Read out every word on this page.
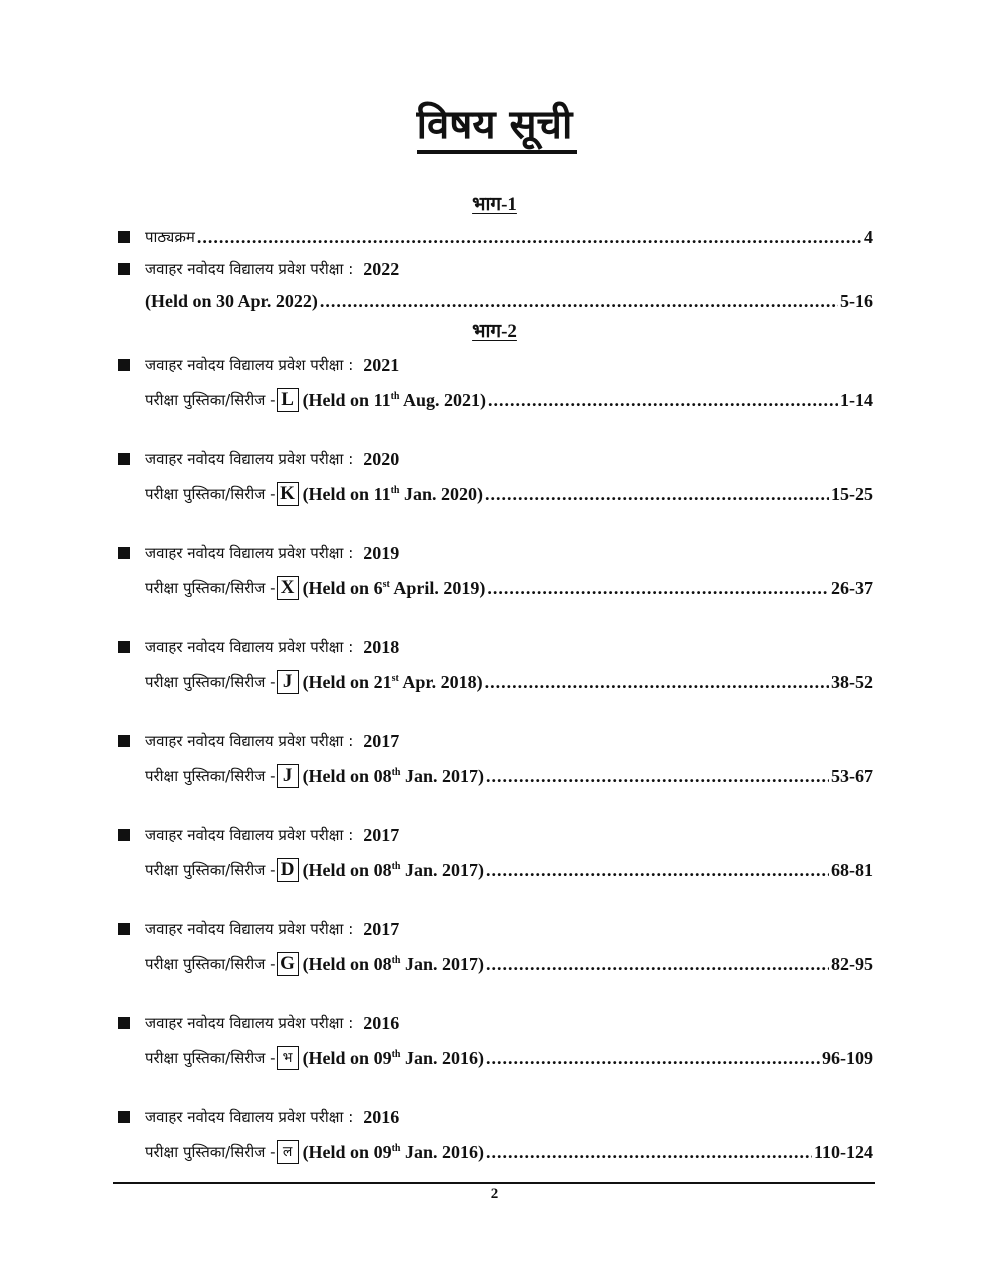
विषय सूची
भाग-1
पाठ्यक्रम .....	4
जवाहर नवोदय विद्यालय प्रवेश परीक्षा : 2022
(Held on 30 Apr. 2022) .....	5-16
भाग-2
जवाहर नवोदय विद्यालय प्रवेश परीक्षा : 2021
परीक्षा पुस्तिका/सिरीज - L (Held on 11th Aug. 2021) .....	1-14
जवाहर नवोदय विद्यालय प्रवेश परीक्षा : 2020
परीक्षा पुस्तिका/सिरीज - K (Held on 11th Jan. 2020) .....	15-25
जवाहर नवोदय विद्यालय प्रवेश परीक्षा : 2019
परीक्षा पुस्तिका/सिरीज - X (Held on 6st April. 2019) .....	26-37
जवाहर नवोदय विद्यालय प्रवेश परीक्षा : 2018
परीक्षा पुस्तिका/सिरीज - J (Held on 21st Apr. 2018) .....	38-52
जवाहर नवोदय विद्यालय प्रवेश परीक्षा : 2017
परीक्षा पुस्तिका/सिरीज - J (Held on 08th Jan. 2017) .....	53-67
जवाहर नवोदय विद्यालय प्रवेश परीक्षा : 2017
परीक्षा पुस्तिका/सिरीज - D (Held on 08th Jan. 2017) .....	68-81
जवाहर नवोदय विद्यालय प्रवेश परीक्षा : 2017
परीक्षा पुस्तिका/सिरीज - G (Held on 08th Jan. 2017) .....	82-95
जवाहर नवोदय विद्यालय प्रवेश परीक्षा : 2016
परीक्षा पुस्तिका/सिरीज - भ (Held on 09th Jan. 2016) .....	96-109
जवाहर नवोदय विद्यालय प्रवेश परीक्षा : 2016
परीक्षा पुस्तिका/सिरीज - ल (Held on 09th Jan. 2016) .....	110-124
2
